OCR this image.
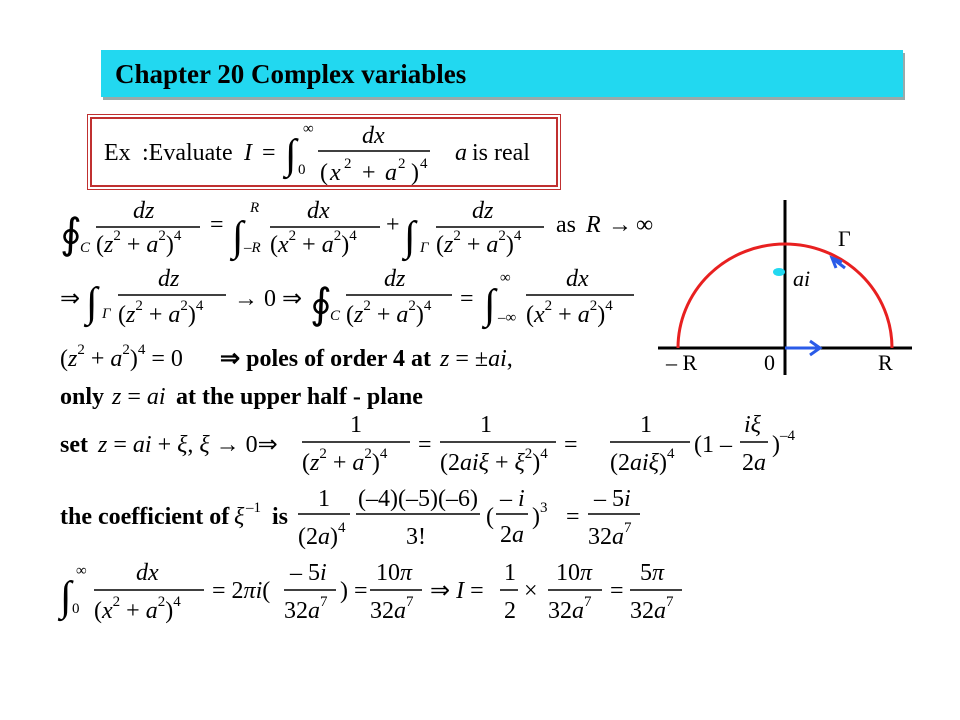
Chapter 20 Complex variables
Ex :Evaluate I = ∫
∞
0
dx
( x 2 + a 2 ) 4 a is real
∮
C
dz
$(z^2 + a^2)^4$ = ∫
R
–R
dx
$(x^2 + a^2)^4$ + ∫ Γ
dz
$(z^2 + a^2)^4$ as R → ∞
⇒ ∫ Γ
dz
$(z^2 + a^2)^4 \to 0$ ⇒ ∮
C
dz
$(z^2 + a^2)^4$ = ∫
∞
–∞
dx
$(x^2 + a^2)^4$
$(z^2 + a^2)^4 = 0$ ⇒ poles of order 4 at z = ±ai,
only z = ai at the upper half - plane
set z = ai + ξ, ξ → 0⇒
1
$(z^2 + a^2)^4$ =
1
$(2ai\xi + \xi^2)^4$ =
1
$(2ai\xi)^4$ (1 –
iξ
2a
)$^{-4}$
the coefficient of ξ –1 is
1
$(2a)^4$
(–4)(–5)(–6)
3!
(
– i
2a
)$^3$ =
– 5i
$32a^7$
∫
∞
0
dx
$(x^2 + a^2)^4 = 2\pi i$(
– 5i
$32a^7$ ) =
10π
$32a^7$ ⇒ I =
1
2
×
10π
$32a^7$ =
5π
$32a^7$
Γ
ai
– R	0	R
